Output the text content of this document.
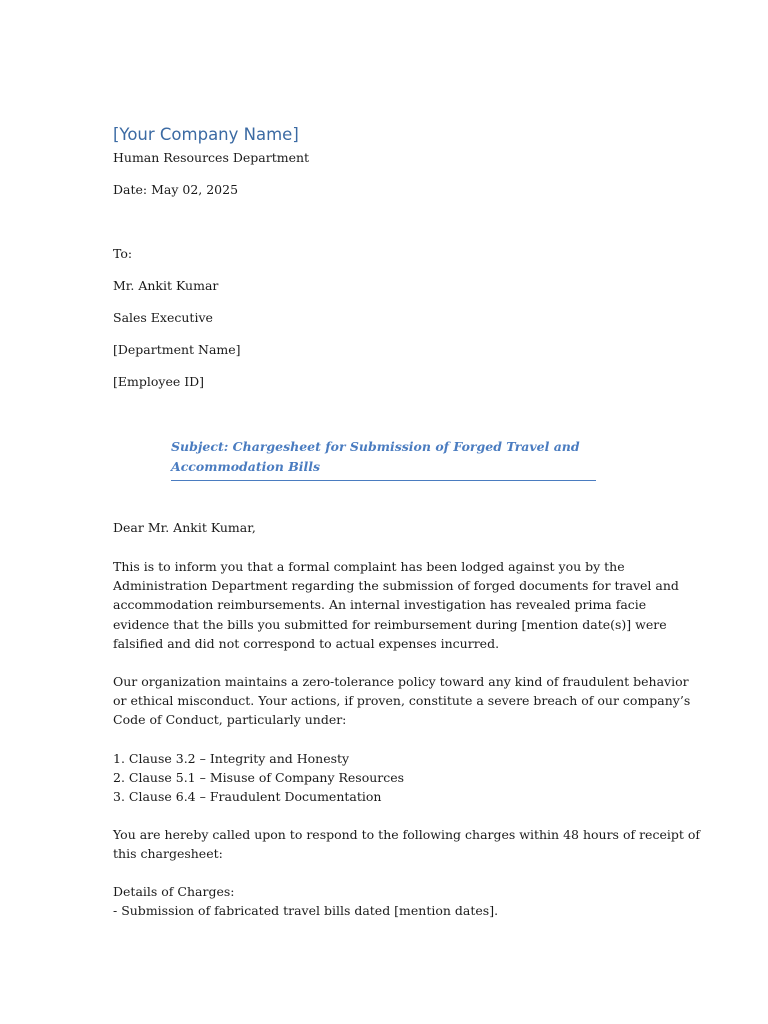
[Your Company Name]
Human Resources Department
Date: May 02, 2025
To:
Mr. Ankit Kumar
Sales Executive
[Department Name]
[Employee ID]
Subject: Chargesheet for Submission of Forged Travel and
Accommodation Bills
Dear Mr. Ankit Kumar,
This is to inform you that a formal complaint has been lodged against you by the
Administration Department regarding the submission of forged documents for travel and
accommodation reimbursements. An internal investigation has revealed prima facie
evidence that the bills you submitted for reimbursement during [mention date(s)] were
falsified and did not correspond to actual expenses incurred.
Our organization maintains a zero-tolerance policy toward any kind of fraudulent behavior
or ethical misconduct. Your actions, if proven, constitute a severe breach of our company’s
Code of Conduct, particularly under:
1. Clause 3.2 – Integrity and Honesty
2. Clause 5.1 – Misuse of Company Resources
3. Clause 6.4 – Fraudulent Documentation
You are hereby called upon to respond to the following charges within 48 hours of receipt of
this chargesheet:
Details of Charges:
- Submission of fabricated travel bills dated [mention dates].
